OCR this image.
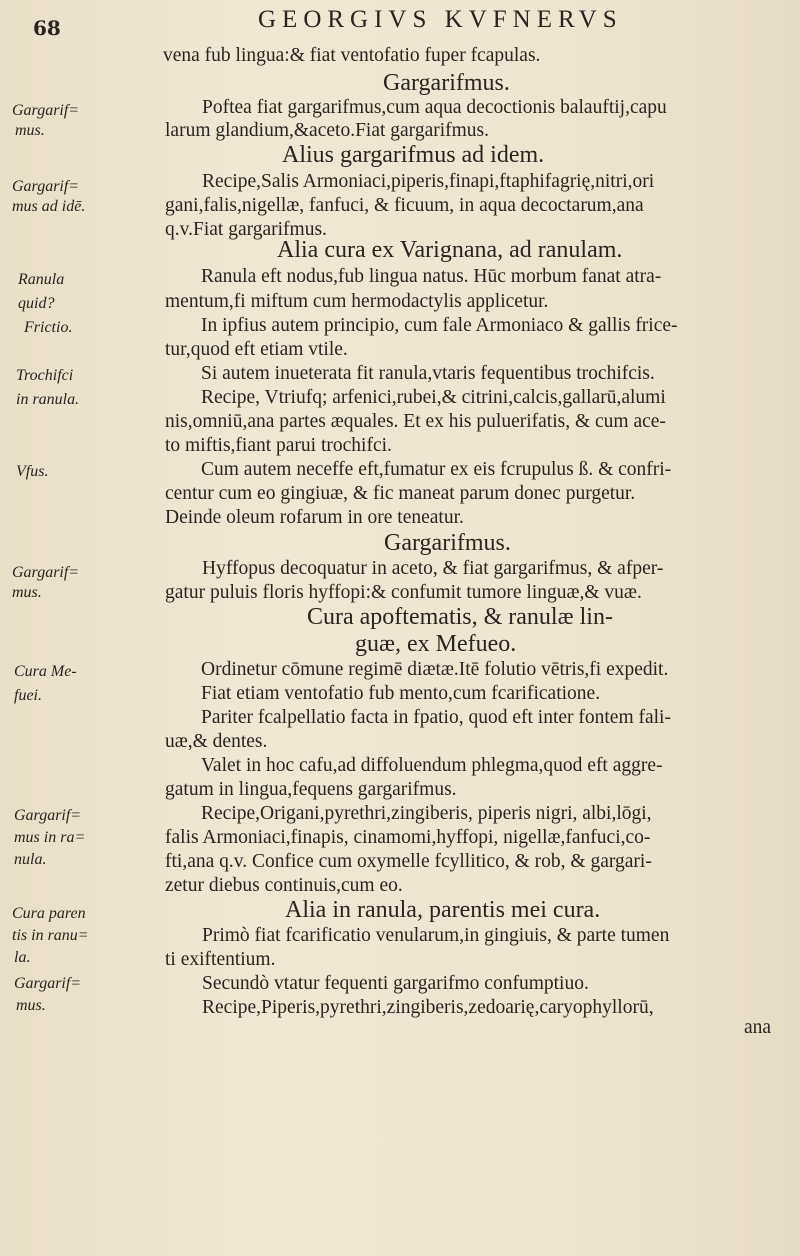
68	GEORGIVS KVFNERVS
vena fub lingua:& fiat ventofatio fuper fcapulas.
Gargarifmus.
Poftea fiat gargarifmus,cum aqua decoctionis balauftij,capu
larum glandium,&aceto.Fiat gargarifmus.
Alius gargarifmus ad idem.
Recipe,Salis Armoniaci,piperis,finapi,ftaphifagrię,nitri,ori
gani,falis,nigellæ, fanfuci, & ficuum, in aqua decoctarum,ana
q.v.Fiat gargarifmus.
Alia cura ex Varignana, ad ranulam.
Ranula eft nodus,fub lingua natus. Hūc morbum fanat atra-
mentum,fi miftum cum hermodactylis applicetur.
In ipfius autem principio, cum fale Armoniaco & gallis frice-
tur,quod eft etiam vtile.
Si autem inueterata fit ranula,vtaris fequentibus trochifcis.
Recipe, Vtriufq; arfenici,rubei,& citrini,calcis,gallarū,alumi
nis,omniū,ana partes æquales. Et ex his puluerifatis, & cum ace-
to miftis,fiant parui trochifci.
Cum autem neceffe eft,fumatur ex eis fcrupulus ß. & confri-
centur cum eo gingiuæ, & fic maneat parum donec purgetur.
Deinde oleum rofarum in ore teneatur.
Gargarifmus.
Hyffopus decoquatur in aceto, & fiat gargarifmus, & afper-
gatur puluis floris hyffopi:& confumit tumore linguæ,& vuæ.
Cura apoftematis, & ranulæ lin-
guæ, ex Mefueo.
Ordinetur cōmune regimē diætæ.Itē folutio vētris,fi expedit.
Fiat etiam ventofatio fub mento,cum fcarificatione.
Pariter fcalpellatio facta in fpatio, quod eft inter fontem fali-
uæ,& dentes.
Valet in hoc cafu,ad diffoluendum phlegma,quod eft aggre-
gatum in lingua,fequens gargarifmus.
Recipe,Origani,pyrethri,zingiberis, piperis nigri, albi,lōgi,
falis Armoniaci,finapis, cinamomi,hyffopi, nigellæ,fanfuci,co-
fti,ana q.v. Confice cum oxymelle fcyllitico, & rob, & gargari-
zetur diebus continuis,cum eo.
Alia in ranula, parentis mei cura.
Primò fiat fcarificatio venularum,in gingiuis, & parte tumen
ti exiftentium.
Secundò vtatur fequenti gargarifmo confumptiuo.
Recipe,Piperis,pyrethri,zingiberis,zedoarię,caryophyllorū,
ana
Gargarif=
mus.
Gargarif=
mus ad idē.
Ranula
quid?
Frictio.
Trochifci
in ranula.
Vfus.
Gargarif=
mus.
Cura Me-
fuei.
Gargarif=
mus in ra=
nula.
Cura paren
tis in ranu=
la.
Gargarif=
mus.
